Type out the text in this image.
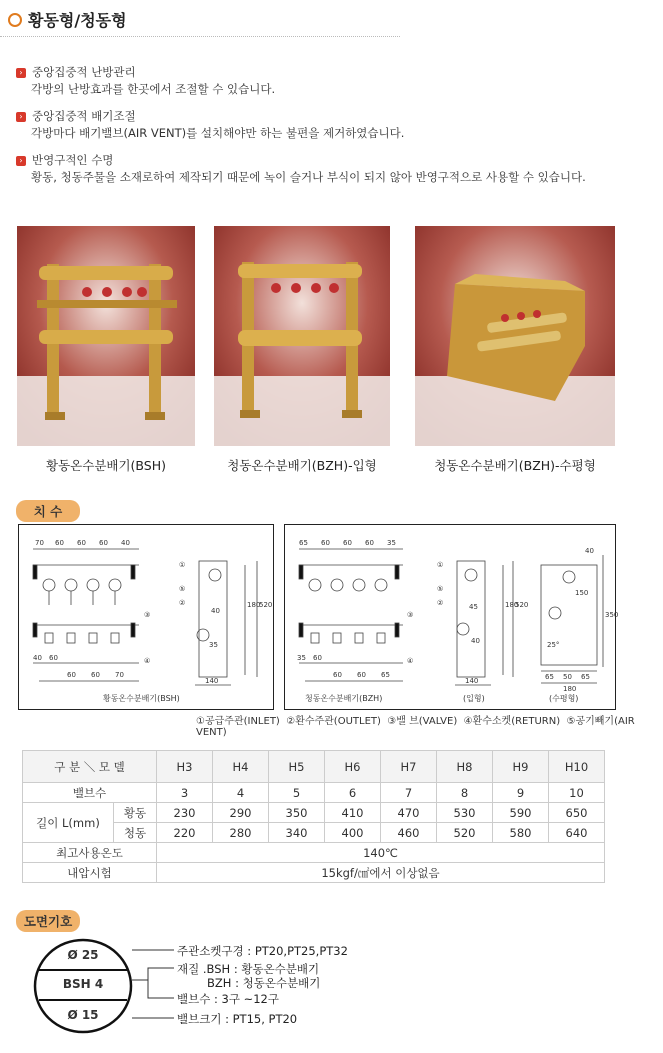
황동형/청동형
› 중앙집중적 난방관리
각방의 난방효과를 한곳에서 조절할 수 있습니다.
› 중앙집중적 배기조절
각방마다 배기밸브(AIR VENT)를 설치해야만 하는 불편을 제거하였습니다.
› 반영구적인 수명
황동, 청동주물을 소재로하여 제작되기 때문에 녹이 슬거나 부식이 되지 않아 반영구적으로 사용할 수 있습니다.
황동온수분배기(BSH)	청동온수분배기(BZH)-입형	청동온수분배기(BZH)-수평형
치 수
70 60 60 60 40
40 60
60 60 70
③
④
①
⑤
②	180
520
40
35
140
황동온수분배기(BSH)
65 60 60 60 35
35 60
60 60 65
③
④
①
⑤
②	180
520
45
40
140
40
150
350
25°
65 50 65
180
청동온수분배기(BZH)	(입형)	(수평형)
①공급주관(INLET) ②환수주관(OUTLET) ③밸 브(VALVE) ④환수소켓(RETURN) ⑤공기빼기(AIR VENT)
구 분 ＼ 모 델		H3	H4	H5	H6	H7	H8	H9	H10
밸브수		3	4	5	6	7	8	9	10
길이 L(mm)	황동	230	290	350	410	470	530	590	650
	청동	220	280	340	400	460	520	580	640
최고사용온도		140℃							
내압시험		15kgf/㎠에서 이상없음							
도면기호
Ø 25
BSH 4
Ø 15
주관소켓구경 : PT20,PT25,PT32
재질 .BSH : 황동온수분배기
BZH : 청동온수분배기
밸브수 : 3구 ~12구
밸브크기 : PT15, PT20
